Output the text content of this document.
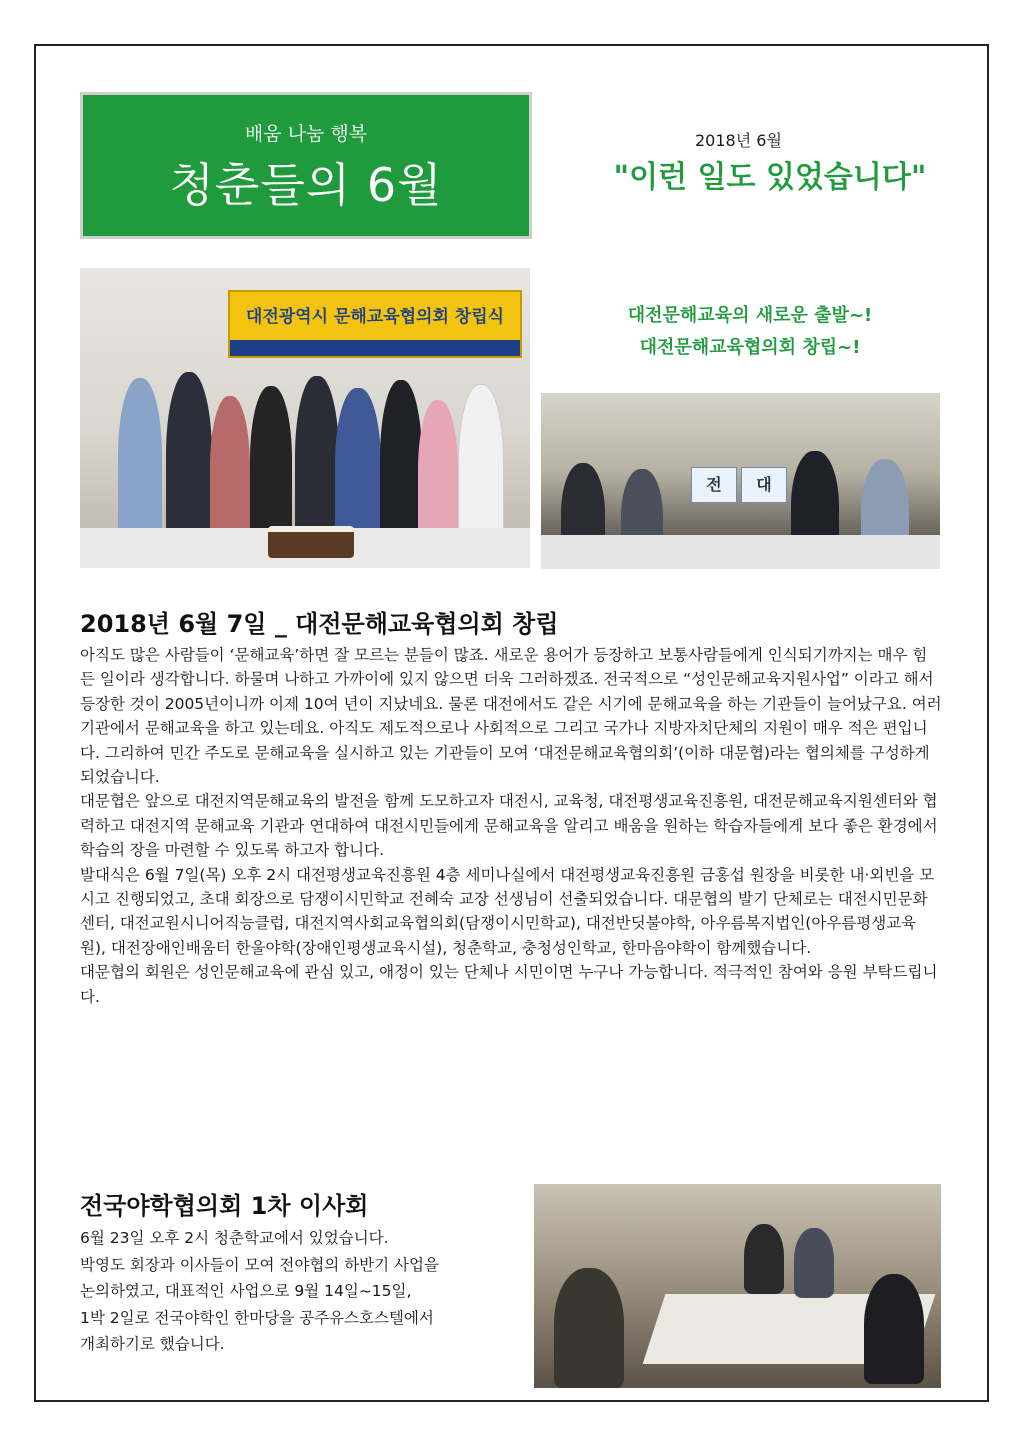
배움 나눔 행복
청춘들의 6월
2018년 6월
"이런 일도 있었습니다"
대전광역시 문해교육협의회 창립식	대전문해교육의 새로운 출발~!
대전문해교육협의회 창립~!
전	대
2018년 6월 7일 _ 대전문해교육협의회 창립

아직도 많은 사람들이 ‘문해교육’하면 잘 모르는 분들이 많죠. 새로운 용어가 등장하고 보통사람들에게 인식되기까지는 매우 힘든 일이라 생각합니다. 하물며 나하고 가까이에 있지 않으면 더욱 그러하겠죠. 전국적으로 “성인문해교육지원사업” 이라고 해서 등장한 것이 2005년이니까 이제 10여 년이 지났네요. 물론 대전에서도 같은 시기에 문해교육을 하는 기관들이 늘어났구요. 여러 기관에서 문해교육을 하고 있는데요. 아직도 제도적으로나 사회적으로 그리고 국가나 지방자치단체의 지원이 매우 적은 편입니다. 그리하여 민간 주도로 문해교육을 실시하고 있는 기관들이 모여 ‘대전문해교육협의회’(이하 대문협)라는 협의체를 구성하게 되었습니다.

대문협은 앞으로 대전지역문해교육의 발전을 함께 도모하고자 대전시, 교육청, 대전평생교육진흥원, 대전문해교육지원센터와 협력하고 대전지역 문해교육 기관과 연대하여 대전시민들에게 문해교육을 알리고 배움을 원하는 학습자들에게 보다 좋은 환경에서 학습의 장을 마련할 수 있도록 하고자 합니다.

발대식은 6월 7일(목) 오후 2시 대전평생교육진흥원 4층 세미나실에서 대전평생교육진흥원 금홍섭 원장을 비롯한 내·외빈을 모시고 진행되었고, 초대 회장으로 담쟁이시민학교 전혜숙 교장 선생님이 선출되었습니다. 대문협의 발기 단체로는 대전시민문화센터, 대전교원시니어직능클럽, 대전지역사회교육협의회(담쟁이시민학교), 대전반딧불야학, 아우름복지법인(아우름평생교육원), 대전장애인배움터 한울야학(장애인평생교육시설), 청춘학교, 충청성인학교, 한마음야학이 함께했습니다.

대문협의 회원은 성인문해교육에 관심 있고, 애정이 있는 단체나 시민이면 누구나 가능합니다. 적극적인 참여와 응원 부탁드립니다.

전국야학협의회 1차 이사회

6월 23일 오후 2시 청춘학교에서 있었습니다.

박영도 회장과 이사들이 모여 전야협의 하반기 사업을

논의하였고, 대표적인 사업으로 9월 14일~15일,

1박 2일로 전국야학인 한마당을 공주유스호스텔에서

개최하기로 했습니다.
